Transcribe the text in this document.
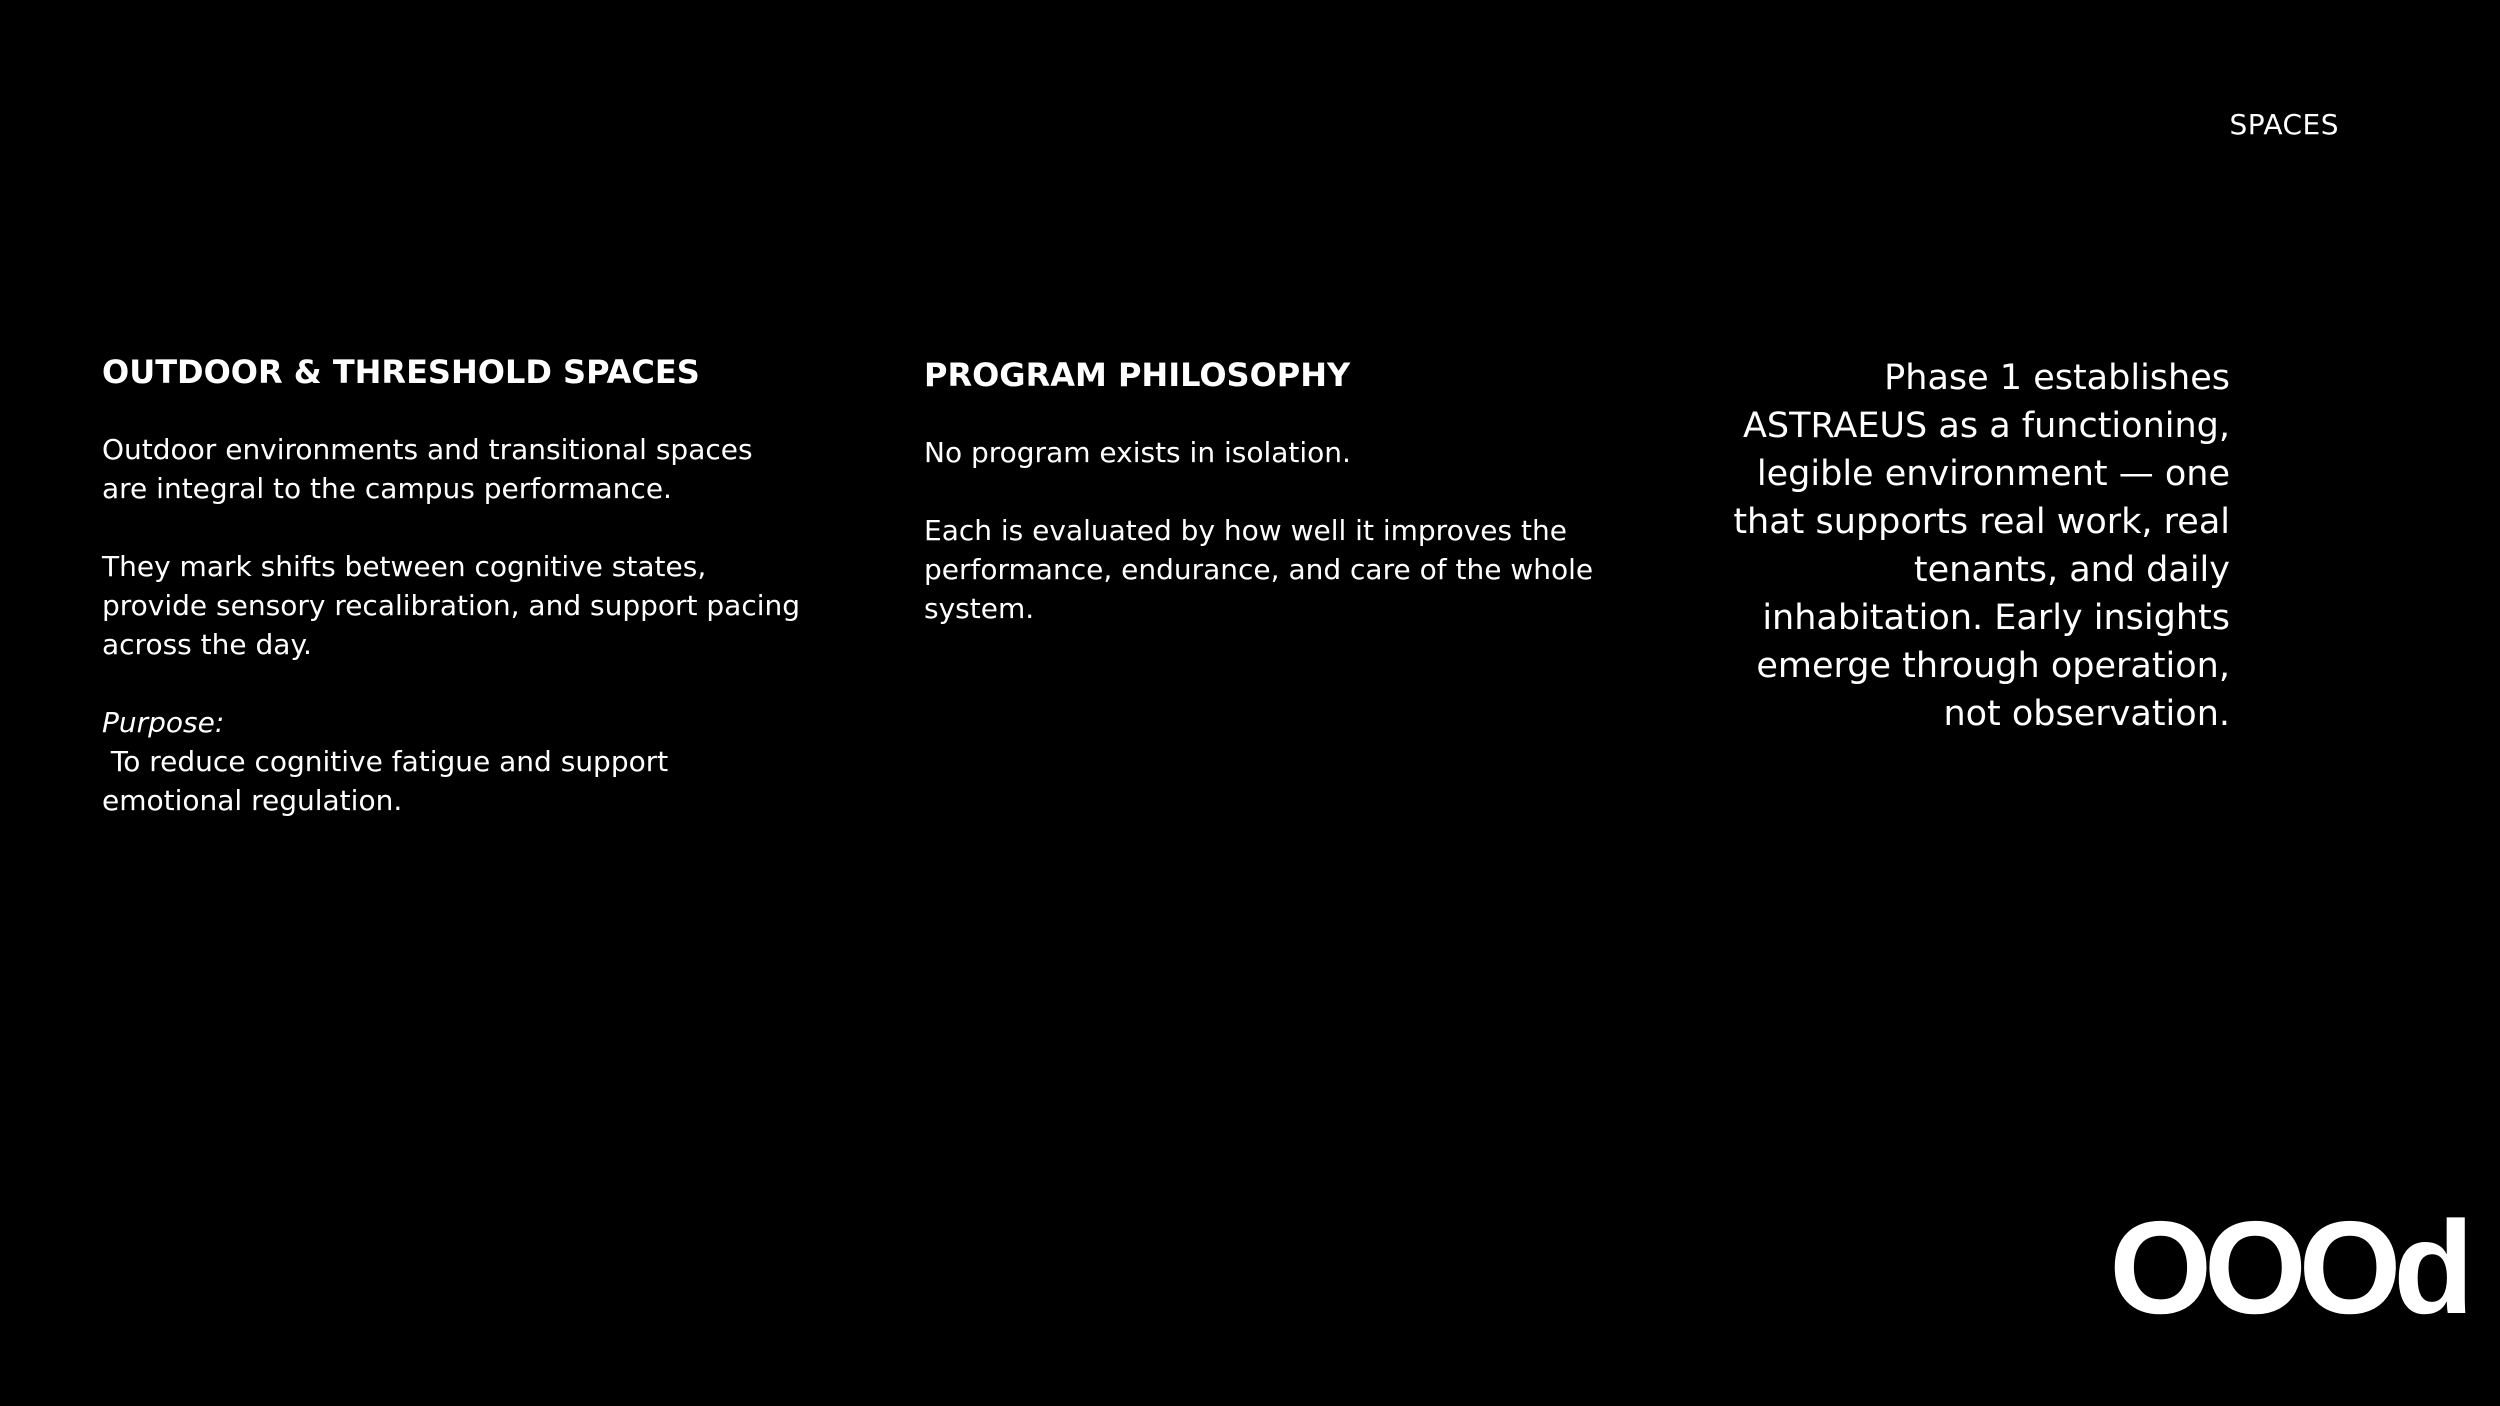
SPACES
OUTDOOR & THRESHOLD SPACES
Outdoor environments and transitional spaces are integral to the campus performance.
They mark shifts between cognitive states, provide sensory recalibration, and support pacing across the day.
Purpose:
To reduce cognitive fatigue and support emotional regulation.
PROGRAM PHILOSOPHY
No program exists in isolation.
Each is evaluated by how well it improves the performance, endurance, and care of the whole system.
Phase 1 establishes ASTRAEUS as a functioning, legible environment — one that supports real work, real tenants, and daily inhabitation. Early insights emerge through operation, not observation.
OOOd
